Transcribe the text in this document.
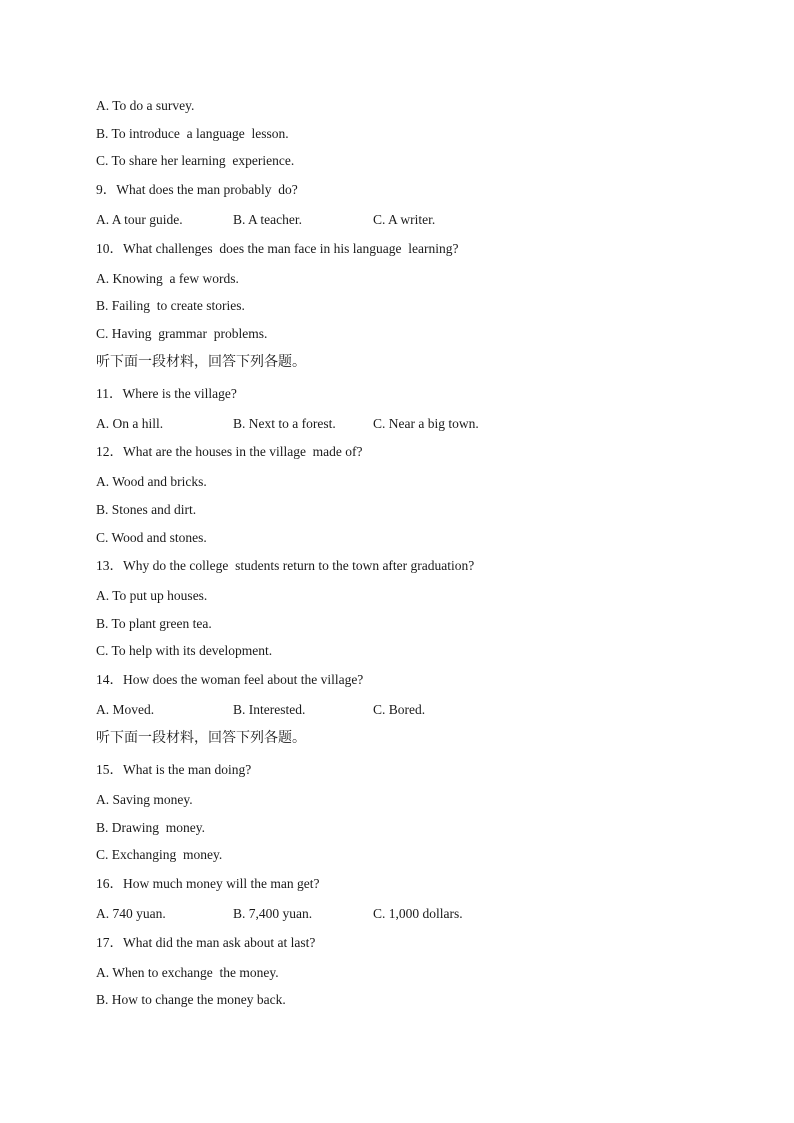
A. To do a survey.
B. To introduce  a language  lesson.
C. To share her learning  experience.
9．What does the man probably  do?
A. A tour guide.	B. A teacher.	C. A writer.
10．What challenges  does the man face in his language  learning?
A. Knowing  a few words.
B. Failing  to create stories.
C. Having  grammar  problems.
听下面一段材料，回答下列各题。
11．Where is the village?
A. On a hill.	B. Next to a forest.	C. Near a big town.
12．What are the houses in the village  made of?
A. Wood and bricks.
B. Stones and dirt.
C. Wood and stones.
13．Why do the college  students return to the town after graduation?
A. To put up houses.
B. To plant green tea.
C. To help with its development.
14．How does the woman feel about the village?
A. Moved.	B. Interested.	C. Bored.
听下面一段材料，回答下列各题。
15．What is the man doing?
A. Saving money.
B. Drawing  money.
C. Exchanging  money.
16．How much money will the man get?
A. 740 yuan.	B. 7,400 yuan.	C. 1,000 dollars.
17．What did the man ask about at last?
A. When to exchange  the money.
B. How to change the money back.
